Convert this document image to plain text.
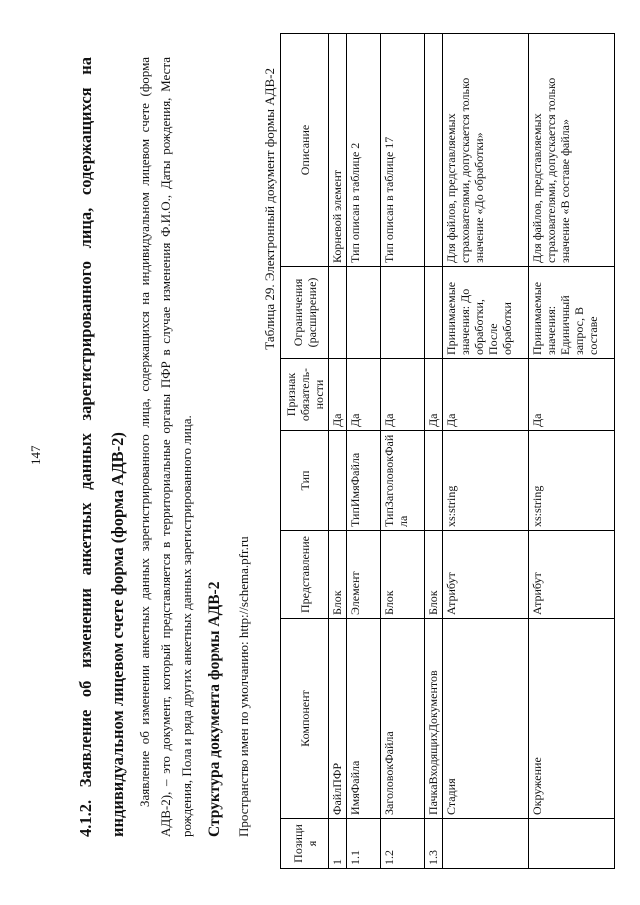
147	4.1.2. Заявление об изменении анкетных данных зарегистрированного лица, содержащихся на индивидуальном лицевом счете форма (форма АДВ-2) Заявление об изменении анкетных данных зарегистрированного лица, содержащихся на индивидуальном лицевом счете (форма АДВ-2), – это документ, который представляется в территориальные органы ПФР в случае изменения Ф.И.О., Даты рождения, Места рождения, Пола и ряда других анкетных данных зарегистрированного лица. Структура документа формы АДВ-2 Пространство имен по умолчанию: http://schema.pfr.ru
Таблица 29. Электронный документ формы АДВ-2
Позиция	Компонент	Представление	Тип	Признак обязатель-ности	Ограничения (расширение)	Описание
1	ФайлПФР	Блок		Да		Корневой элемент
1.1	ИмяФайла	Элемент	ТипИмяФайла	Да		Тип описан в таблице 2
1.2	ЗаголовокФайла	Блок	ТипЗаголовокФайла	Да		Тип описан в таблице 17
1.3	ПачкаВходящихДокументов	Блок		Да		
	Стадия	Атрибут	xs:string	Да	Принимаемые значения: До обработки, После обработки	Для файлов, представляемых страхователями, допускается только значение «До обработки»
	Окружение	Атрибут	xs:string	Да	Принимаемые значения: Единичный запрос, В составе	Для файлов, представляемых страхователями, допускается только значение «В составе файла»
